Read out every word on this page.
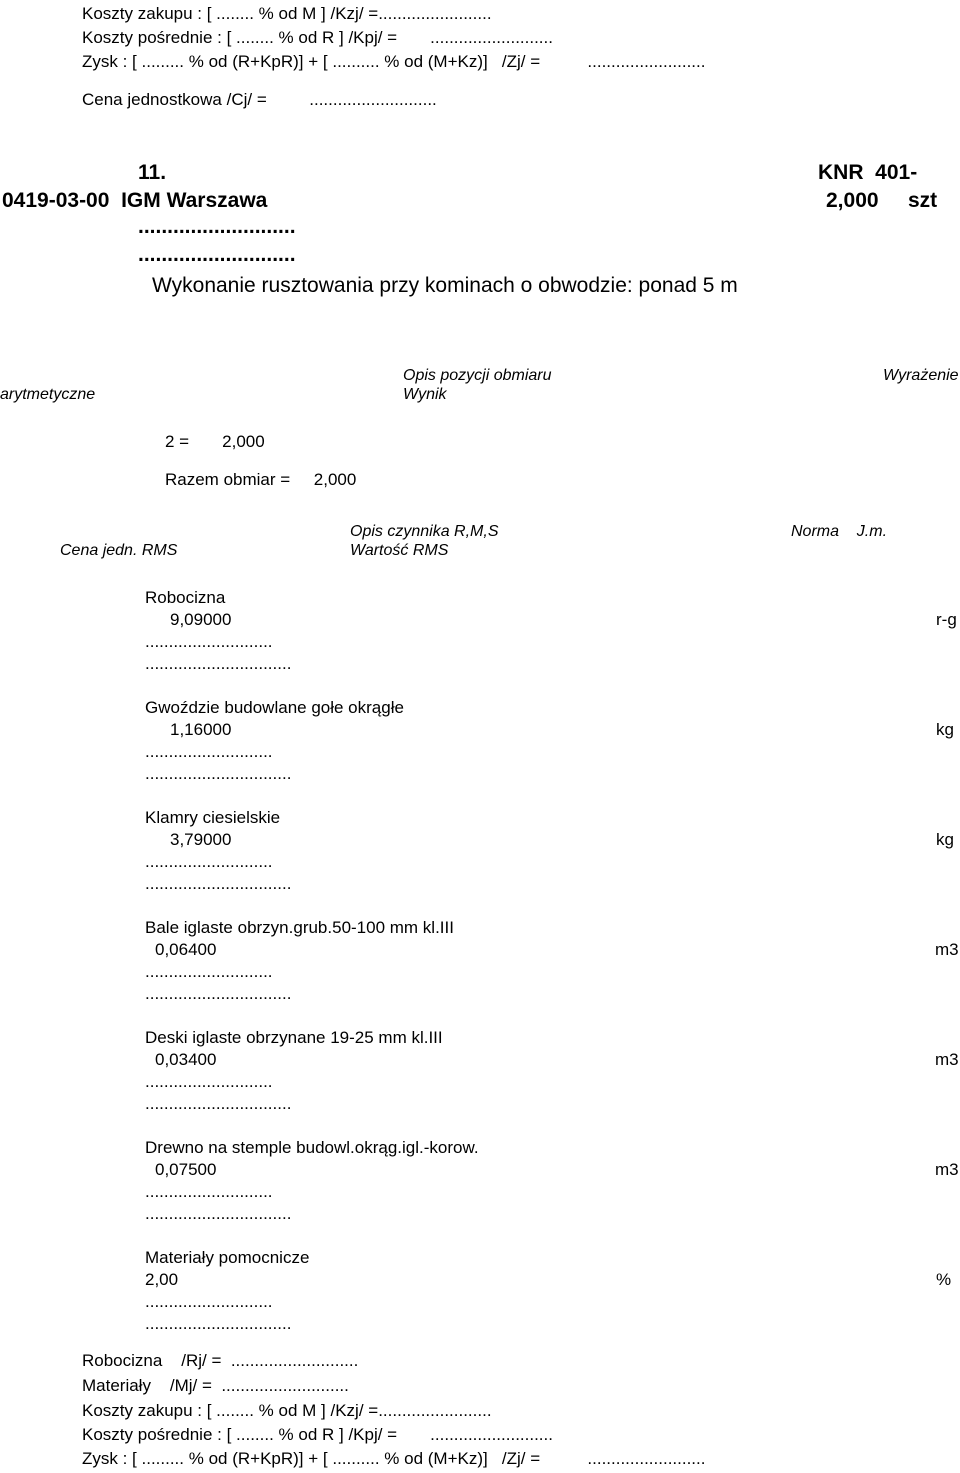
Koszty zakupu : [ ........ % od M ] /Kzj/ =........................
Koszty pośrednie : [ ........ % od R ] /Kpj/ =       ..........................
Zysk : [ ......... % od (R+KpR)] + [ .......... % od (M+Kz)]   /Zj/ =          .........................
Cena jednostkowa /Cj/ =         ...........................
11.	KNR  401-
0419-03-00  IGM Warszawa	2,000 szt
...........................
...........................
Wykonanie rusztowania przy kominach o obwodzie: ponad 5 m
Opis pozycji obmiaru	Wyrażenie
arytmetyczne	Wynik
2 =       2,000
Razem obmiar =     2,000
Opis czynnika R,M,S	Norma    J.m.
Cena jedn. RMS	Wartość RMS
Robocizna
9,09000	r-g
...........................
...............................
Gwoździe budowlane gołe okrągłe
1,16000	kg
...........................
...............................
Klamry ciesielskie
3,79000	kg
...........................
...............................
Bale iglaste obrzyn.grub.50-100 mm kl.III
0,06400	m3
...........................
...............................
Deski iglaste obrzynane 19-25 mm kl.III
0,03400	m3
...........................
...............................
Drewno na stemple budowl.okrąg.igl.-korow.
0,07500	m3
...........................
...............................
Materiały pomocnicze
2,00	%
...........................
...............................
Robocizna    /Rj/ =  ...........................
Materiały    /Mj/ =  ...........................
Koszty zakupu : [ ........ % od M ] /Kzj/ =........................
Koszty pośrednie : [ ........ % od R ] /Kpj/ =       ..........................
Zysk : [ ......... % od (R+KpR)] + [ .......... % od (M+Kz)]   /Zj/ =          .........................
